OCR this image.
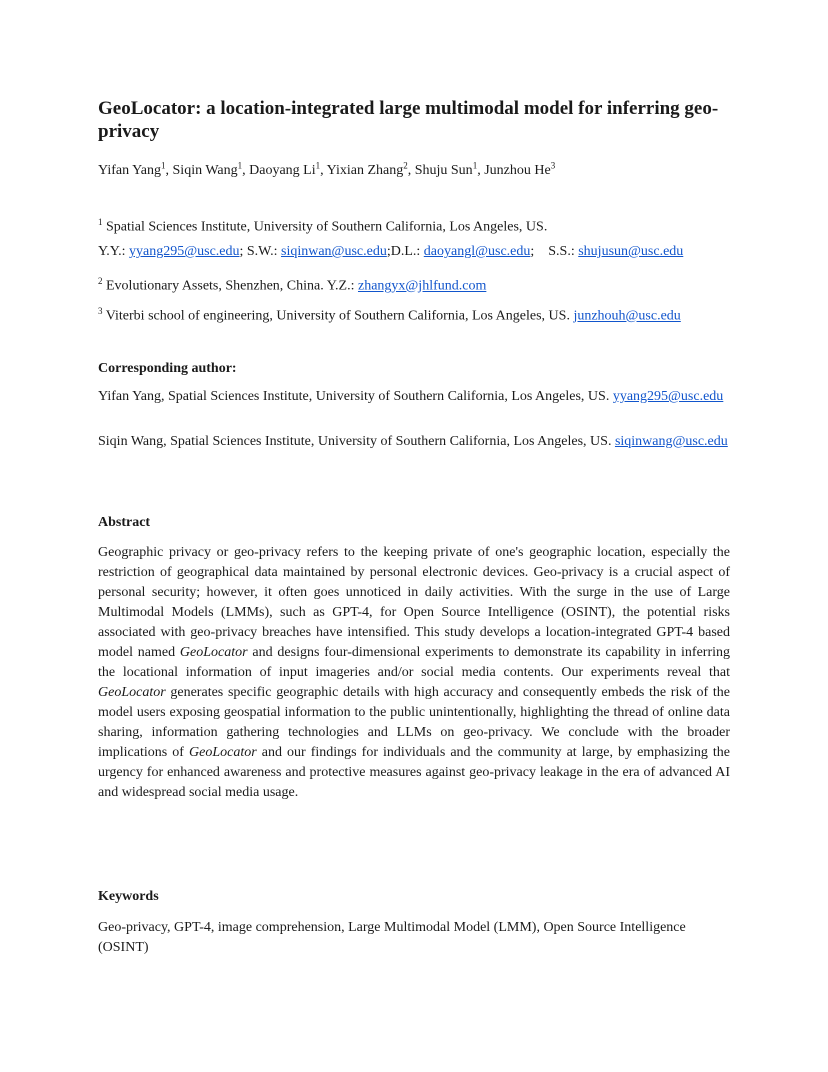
GeoLocator: a location-integrated large multimodal model for inferring geo-privacy
Yifan Yang$^1$, Siqin Wang$^1$, Daoyang Li$^1$, Yixian Zhang$^2$, Shuju Sun$^1$, Junzhou He$^3$
$^1$ Spatial Sciences Institute, University of Southern California, Los Angeles, US.
Y.Y.: yyang295@usc.edu; S.W.: siqinwan@usc.edu;D.L.: daoyangl@usc.edu;    S.S.: shujusun@usc.edu
$^2$ Evolutionary Assets, Shenzhen, China. Y.Z.: zhangyx@jhlfund.com
$^3$ Viterbi school of engineering, University of Southern California, Los Angeles, US. junzhouh@usc.edu
Corresponding author:

Yifan Yang, Spatial Sciences Institute, University of Southern California, Los Angeles, US. yyang295@usc.edu

Siqin Wang, Spatial Sciences Institute, University of Southern California, Los Angeles, US. siqinwang@usc.edu

Abstract

Geographic privacy or geo-privacy refers to the keeping private of one's geographic location, especially the restriction of geographical data maintained by personal electronic devices. Geo-privacy is a crucial aspect of personal security; however, it often goes unnoticed in daily activities. With the surge in the use of Large Multimodal Models (LMMs), such as GPT-4, for Open Source Intelligence (OSINT), the potential risks associated with geo-privacy breaches have intensified. This study develops a location-integrated GPT-4 based model named GeoLocator and designs four-dimensional experiments to demonstrate its capability in inferring the locational information of input imageries and/or social media contents. Our experiments reveal that GeoLocator generates specific geographic details with high accuracy and consequently embeds the risk of the model users exposing geospatial information to the public unintentionally, highlighting the thread of online data sharing, information gathering technologies and LLMs on geo-privacy. We conclude with the broader implications of GeoLocator and our findings for individuals and the community at large, by emphasizing the urgency for enhanced awareness and protective measures against geo-privacy leakage in the era of advanced AI and widespread social media usage.

Keywords

Geo-privacy, GPT-4, image comprehension, Large Multimodal Model (LMM), Open Source Intelligence (OSINT)
